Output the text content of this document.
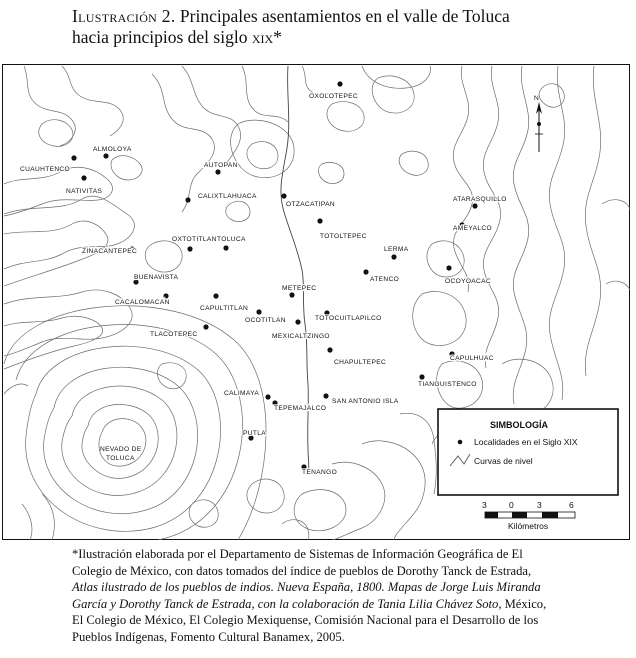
Ilustración 2. Principales asentamientos en el valle de Toluca
hacia principios del siglo xix*
OXOLOTEPEC
ALMOLOYA
CUAUHTENCO
NATIVITAS
AUTOPAN
CALIXTLAHUACA
OTZACATIPAN
ATARASQUILLO
AMEYALCO
OXTOTITLAN TOLUCA	TOTOLTEPEC
ZINACANTEPEC	LERMA
ATENCO	OCOYOACAC
BUENAVISTA
METEPEC
CACALOMACAN
CAPULTITLAN
TOTOCUITLAPILCO
OCOTITLAN
TLACOTEPEC	MEXICALTZINGO
CHAPULTEPEC
CAPULHUAC
TIANGUISTENCO
CALIMAYA
SAN ANTONIO ISLA
TEPEMAJALCO
PUTLA
TENANGO
NEVADO DE
TOLUCA
N
SIMBOLOGÍA
Localidades en el Siglo XIX
Curvas de nivel
3	0	3	6
Kilómetros
*Ilustración elaborada por el Departamento de Sistemas de Información Geográfica de El Colegio de México, con datos tomados del índice de pueblos de Dorothy Tanck de Estrada, Atlas ilustrado de los pueblos de indios. Nueva España, 1800. Mapas de Jorge Luis Miranda García y Dorothy Tanck de Estrada, con la colaboración de Tania Lilia Chávez Soto, México, El Colegio de México, El Colegio Mexiquense, Comisión Nacional para el Desarrollo de los Pueblos Indígenas, Fomento Cultural Banamex, 2005.
